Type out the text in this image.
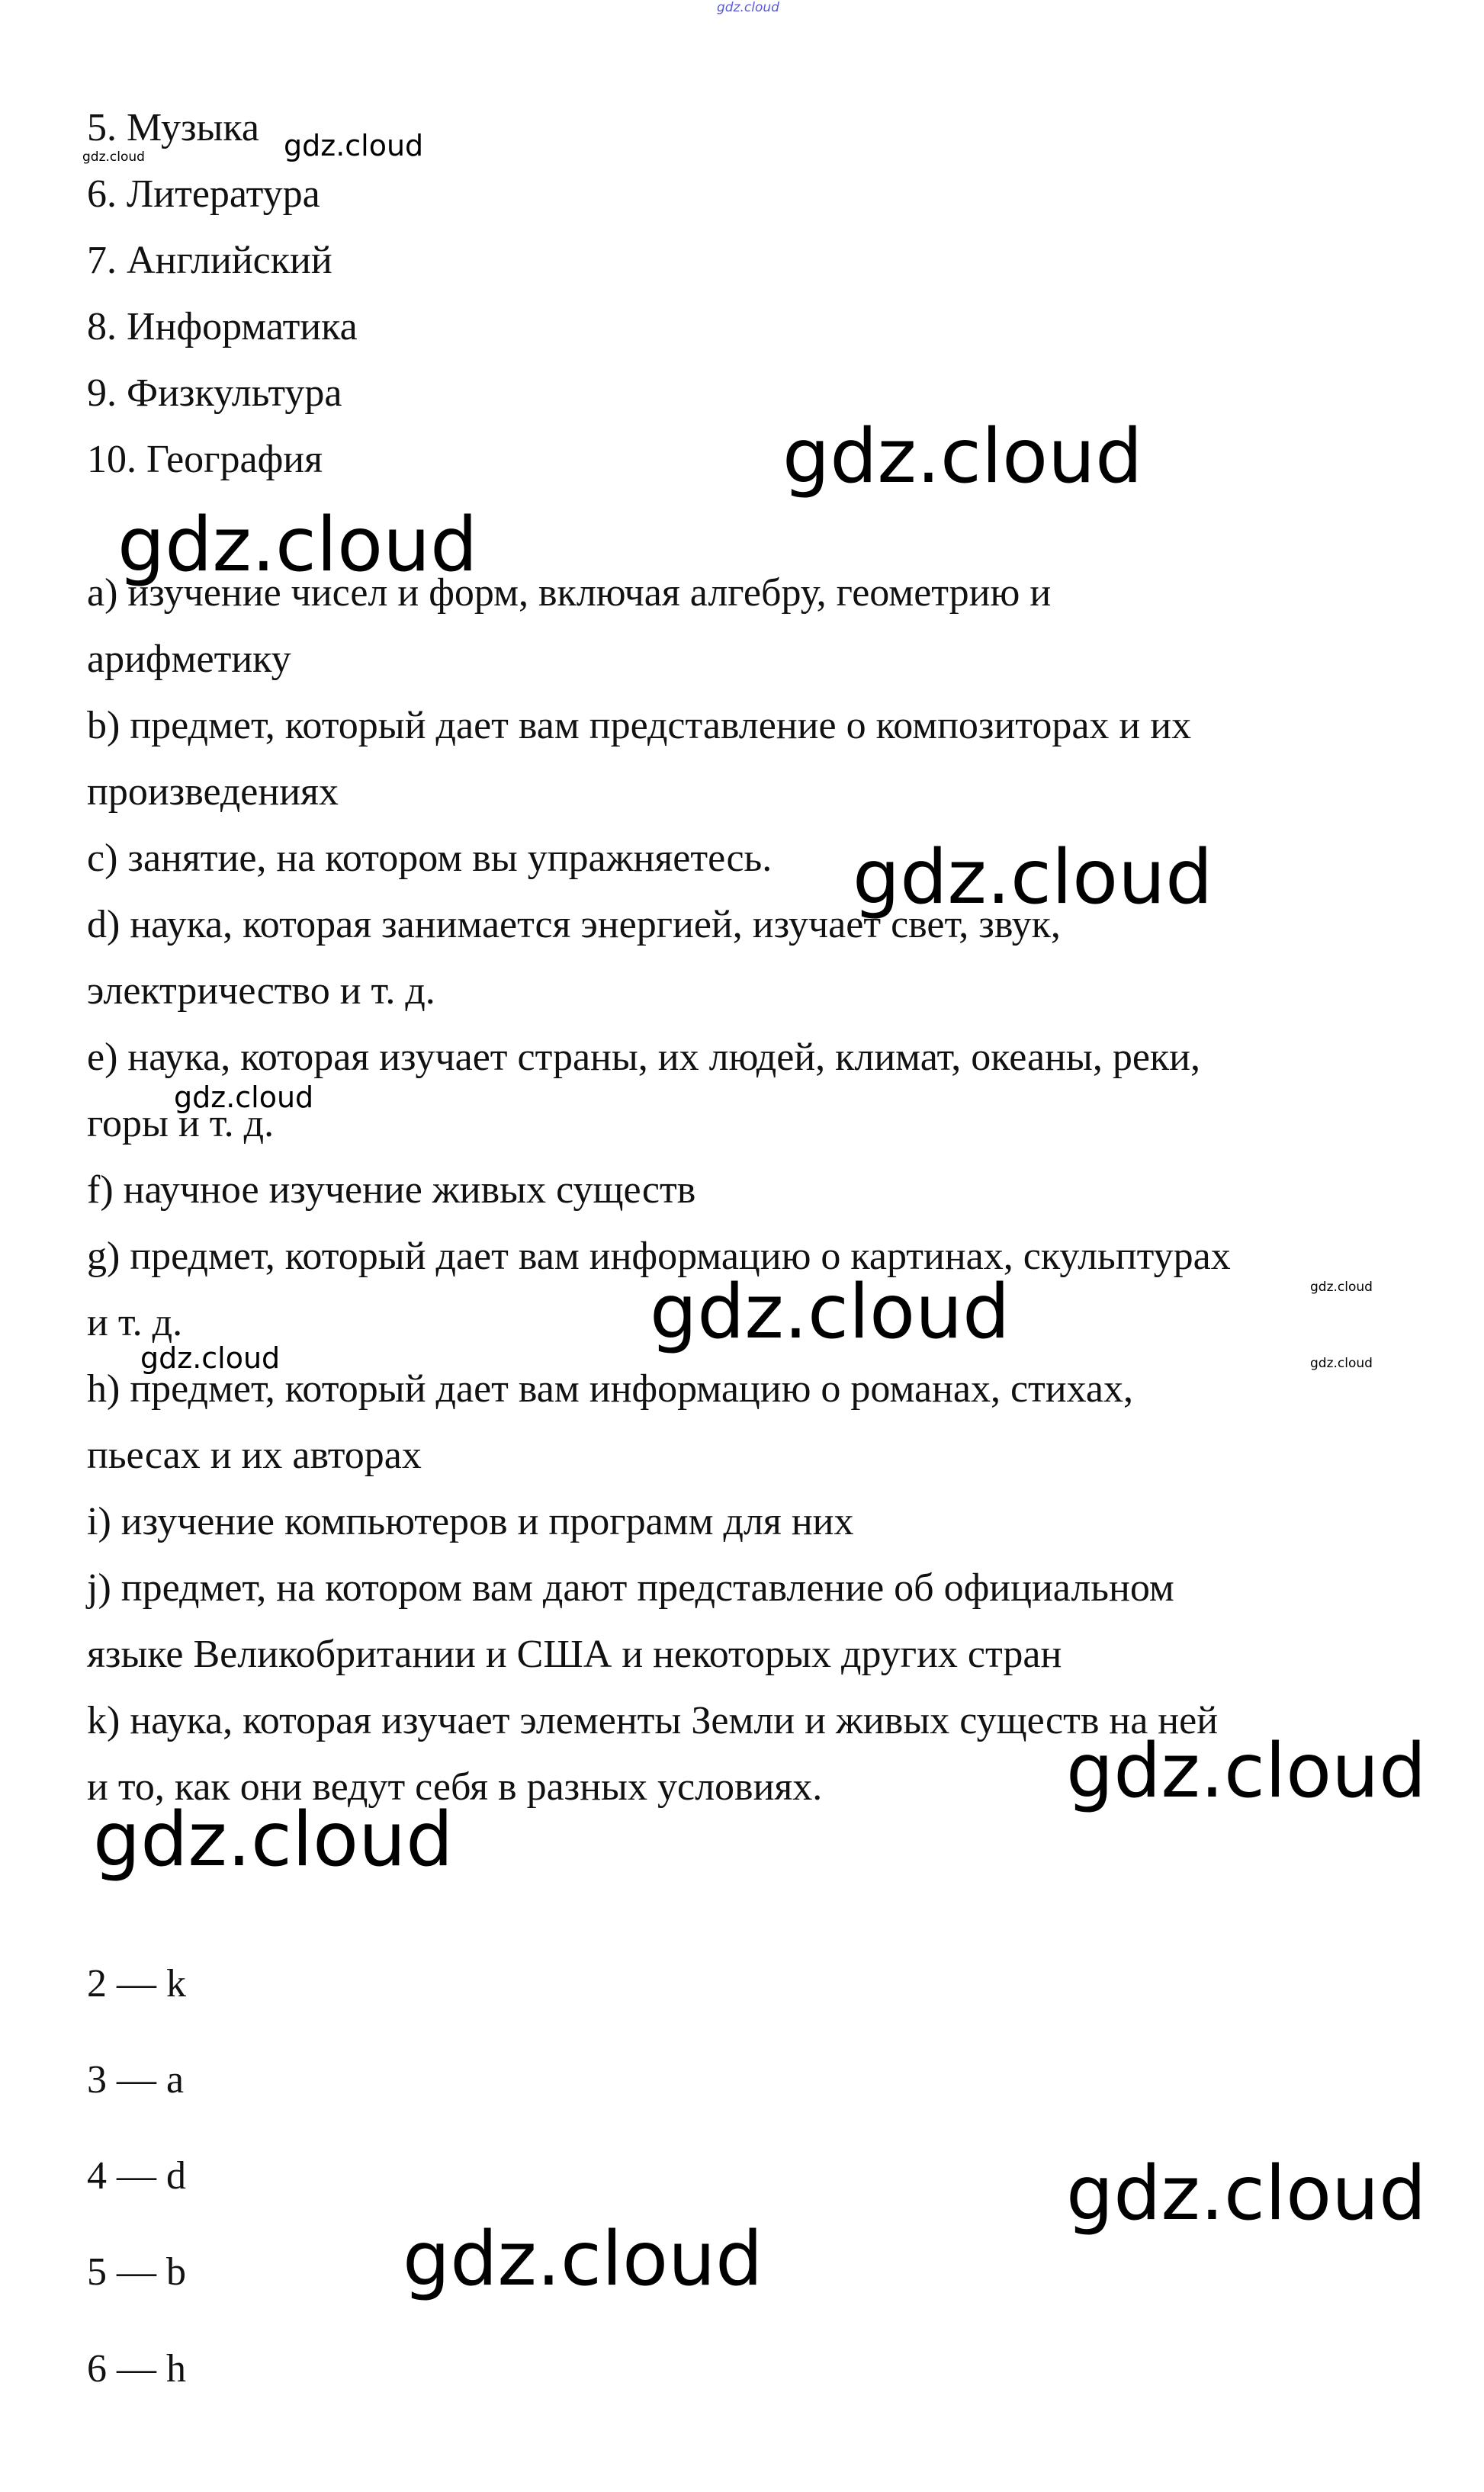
gdz.cloud
5. Музыка
6. Литература
7. Английский
8. Информатика
9. Физкультура
10. География
a) изучение чисел и форм, включая алгебру, геометрию и
арифметику
b) предмет, который дает вам представление о композиторах и их
произведениях
c) занятие, на котором вы упражняетесь.
d) наука, которая занимается энергией, изучает свет, звук,
электричество и т. д.
e) наука, которая изучает страны, их людей, климат, океаны, реки,
горы и т. д.
f) научное изучение живых существ
g) предмет, который дает вам информацию о картинах, скульптурах
и т. д.
h) предмет, который дает вам информацию о романах, стихах,
пьесах и их авторах
i) изучение компьютеров и программ для них
j) предмет, на котором вам дают представление об официальном
языке Великобритании и США и некоторых других стран
k) наука, которая изучает элементы Земли и живых существ на ней
и то, как они ведут себя в разных условиях.
2 — k
3 — a
4 — d
5 — b
6 — h
gdz.cloud	gdz.cloud
gdz.cloud
gdz.cloud
gdz.cloud
gdz.cloud
gdz.cloud	gdz.cloud
gdz.cloud	gdz.cloud
gdz.cloud
gdz.cloud
gdz.cloud
gdz.cloud
